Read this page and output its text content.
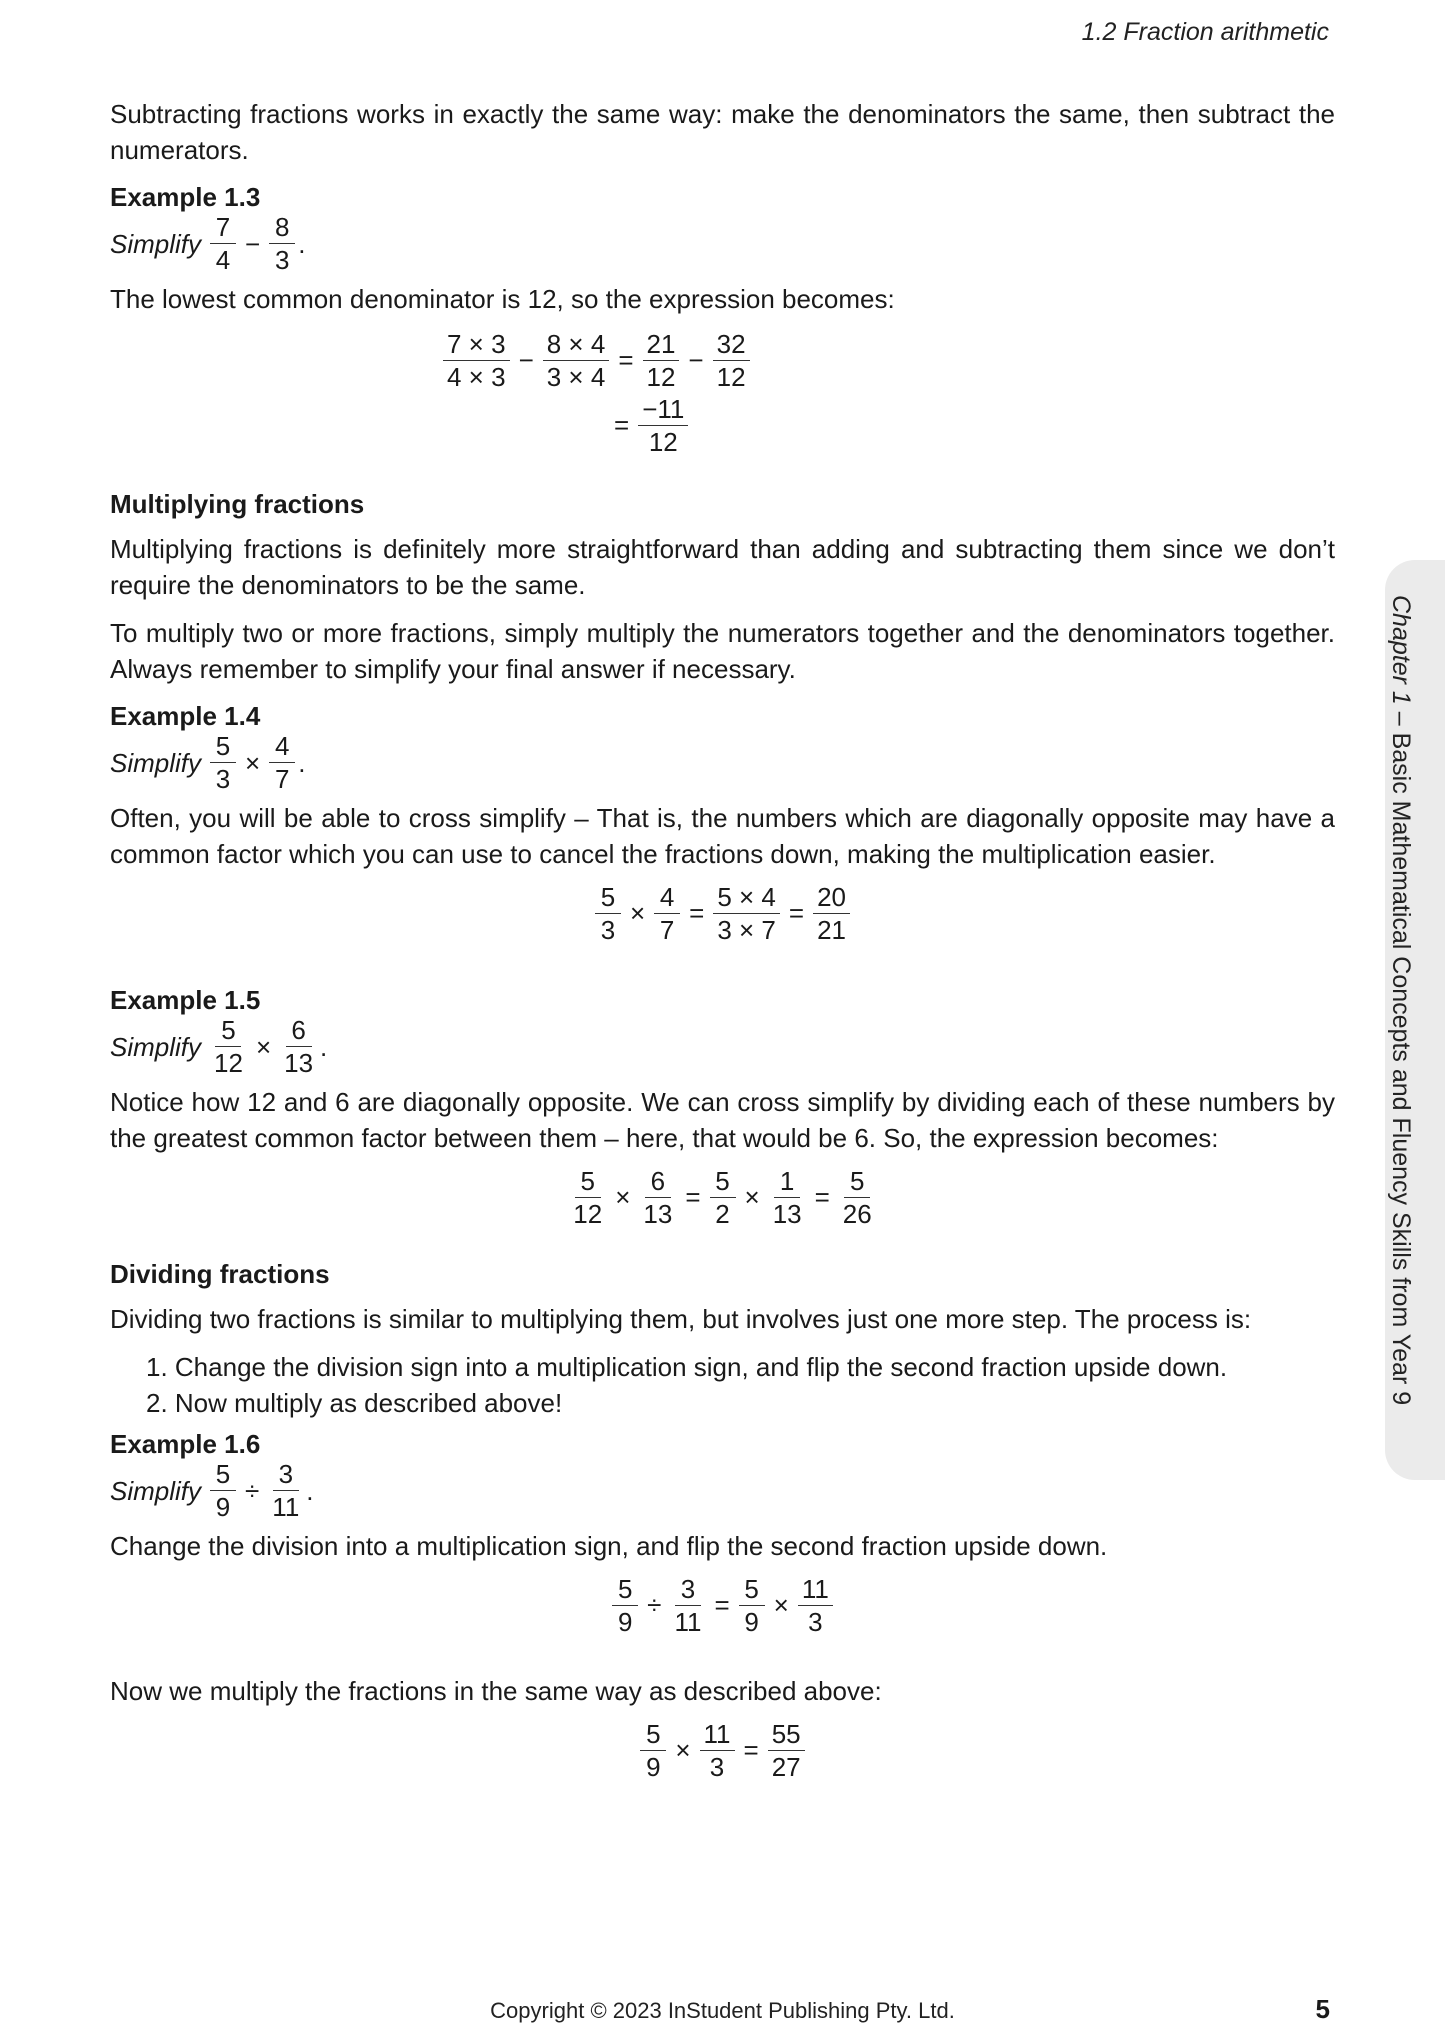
1.2 Fraction arithmetic

Subtracting fractions works in exactly the same way: make the denominators the same, then subtract the numerators.

Example 1.3
Simplify $\frac{7}{4} - \frac{8}{3}$ .

The lowest common denominator is 12, so the expression becomes:

$\frac{7 \times 3}{4 \times 3} - \frac{8 \times 4}{3 \times 4} = \frac{21}{12} - \frac{32}{12}$
= $\frac{-11}{12}$
Multiplying fractions

Multiplying fractions is definitely more straightforward than adding and subtracting them since we don’t require the denominators to be the same.

To multiply two or more fractions, simply multiply the numerators together and the denominators together. Always remember to simplify your final answer if necessary.

Example 1.4
Simplify $\frac{5}{3} \times \frac{4}{7}$ .

Often, you will be able to cross simplify – That is, the numbers which are diagonally opposite may have a common factor which you can use to cancel the fractions down, making the multiplication easier.

$\frac{5}{3} \times \frac{4}{7} = \frac{5 \times 4}{3 \times 7} = \frac{20}{21}$
Example 1.5
Simplify $\frac{5}{12} \times \frac{6}{13}$ .

Notice how 12 and 6 are diagonally opposite. We can cross simplify by dividing each of these numbers by the greatest common factor between them – here, that would be 6. So, the expression becomes:

$\frac{5}{12} \times \frac{6}{13} = \frac{5}{2} \times \frac{1}{13} = \frac{5}{26}$
Dividing fractions

Dividing two fractions is similar to multiplying them, but involves just one more step. The process is:

1. Change the division sign into a multiplication sign, and flip the second fraction upside down.
2. Now multiply as described above!
Example 1.6
Simplify $\frac{5}{9} \div \frac{3}{11}$ .

Change the division into a multiplication sign, and flip the second fraction upside down.

$\frac{5}{9} \div \frac{3}{11} = \frac{5}{9} \times \frac{11}{3}$

Now we multiply the fractions in the same way as described above:

$\frac{5}{9} \times \frac{11}{3} = \frac{55}{27}$
Chapter 1 – Basic Mathematical Concepts and Fluency Skills from Year 9
Copyright © 2023 InStudent Publishing Pty. Ltd.	5
